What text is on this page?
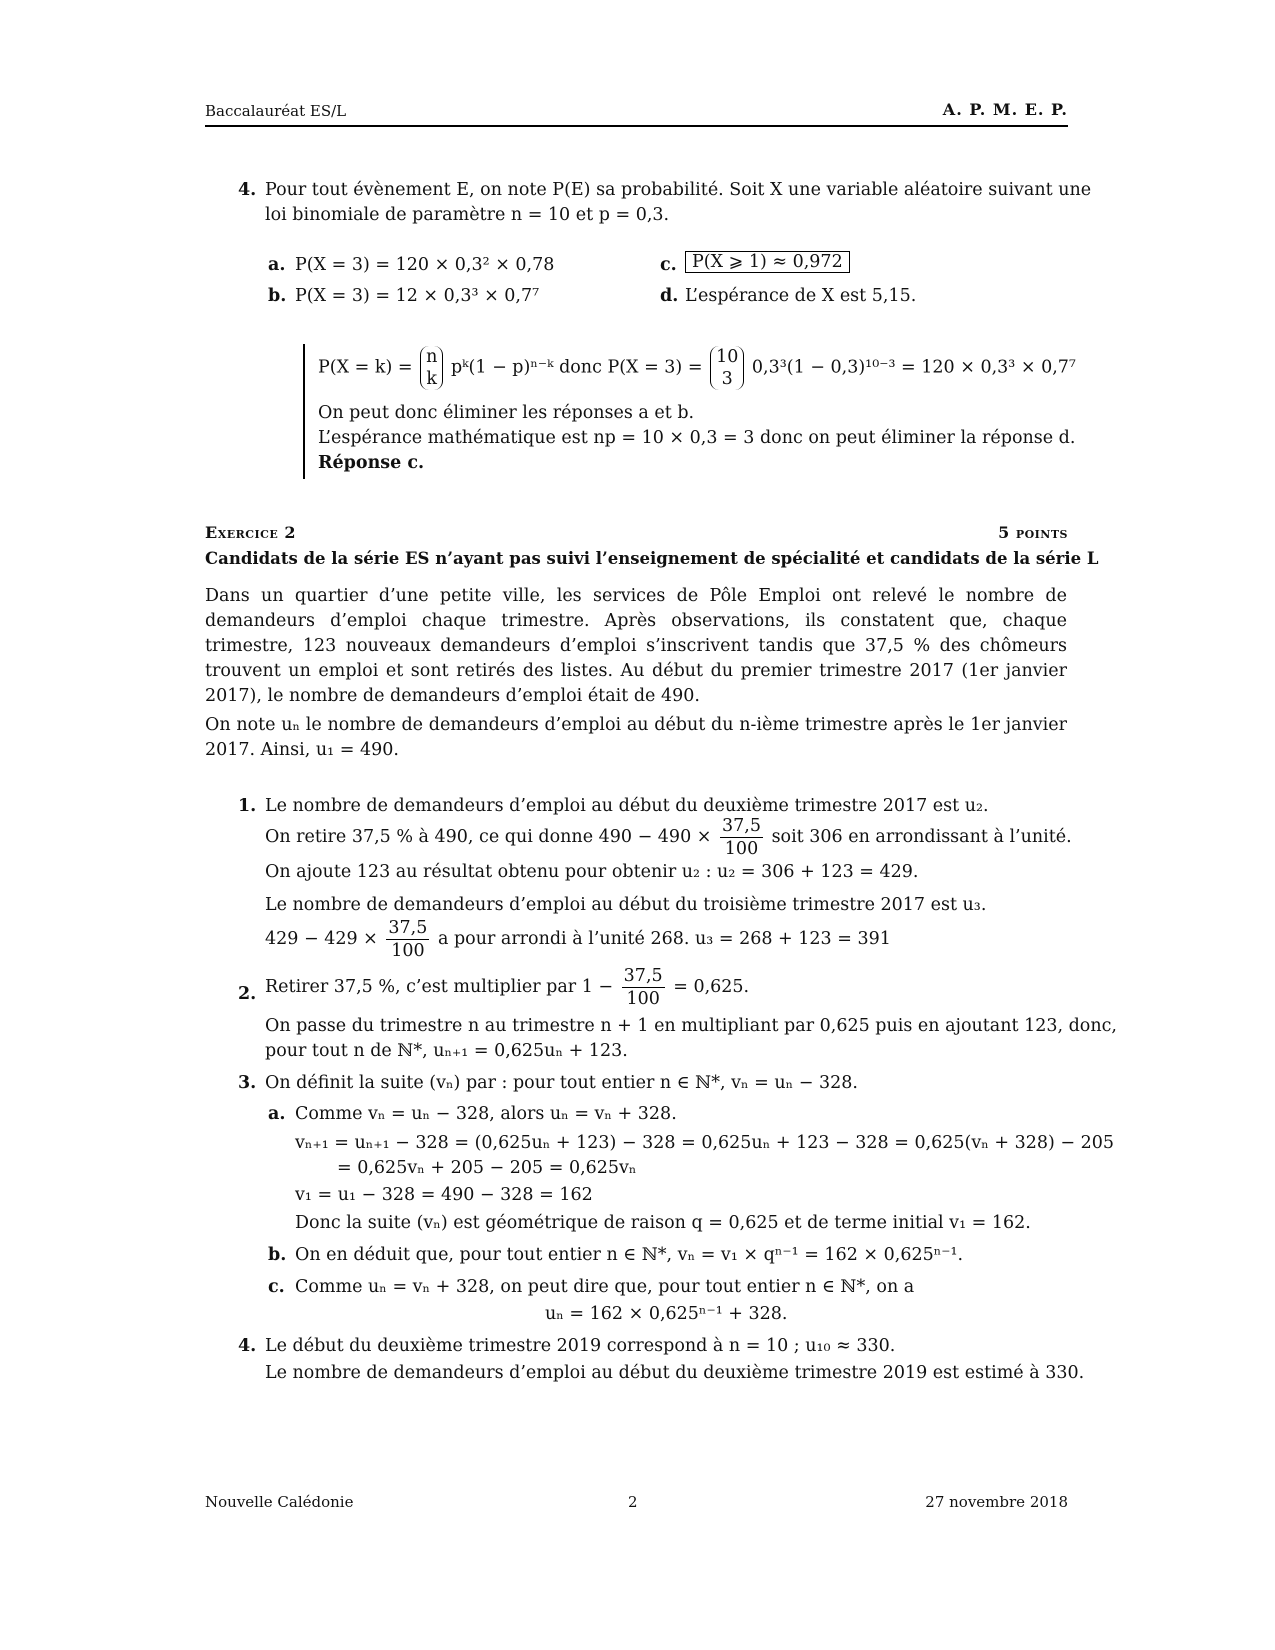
Baccalauréat ES/L	A. P. M. E. P.
4. Pour tout évènement E, on note P(E) sa probabilité. Soit X une variable aléatoire suivant une
loi binomiale de paramètre n = 10 et p = 0,3.
a. P(X = 3) = 120 × 0,3² × 0,78
b. P(X = 3) = 12 × 0,3³ × 0,7⁷
c. P(X ⩾ 1) ≈ 0,972
d. L’espérance de X est 5,15.
P(X = k) =
n
k
pᵏ(1 − p)ⁿ⁻ᵏ donc P(X = 3) =
10
3
0,3³(1 − 0,3)¹⁰⁻³ = 120 × 0,3³ × 0,7⁷
On peut donc éliminer les réponses a et b.
L’espérance mathématique est np = 10 × 0,3 = 3 donc on peut éliminer la réponse d.
Réponse c.
Exercice 2	5 points
Candidats de la série ES n’ayant pas suivi l’enseignement de spécialité et candidats de la série L
Dans un quartier d’une petite ville, les services de Pôle Emploi ont relevé le nombre de demandeurs d’emploi chaque trimestre. Après observations, ils constatent que, chaque trimestre, 123 nouveaux demandeurs d’emploi s’inscrivent tandis que 37,5 % des chômeurs trouvent un emploi et sont retirés des listes. Au début du premier trimestre 2017 (1er janvier 2017), le nombre de demandeurs d’emploi était de 490.
On note uₙ le nombre de demandeurs d’emploi au début du n-ième trimestre après le 1er janvier 2017. Ainsi, u₁ = 490.
1. Le nombre de demandeurs d’emploi au début du deuxième trimestre 2017 est u₂.
On retire 37,5 % à 490, ce qui donne $490 - 490 \times \frac{37,5}{100}$ soit 306 en arrondissant à l’unité.
On ajoute 123 au résultat obtenu pour obtenir u₂ : u₂ = 306 + 123 = 429.
Le nombre de demandeurs d’emploi au début du troisième trimestre 2017 est u₃.
$429 - 429 \times \frac{37,5}{100}$ a pour arrondi à l’unité 268. u₃ = 268 + 123 = 391
2. Retirer 37,5 %, c’est multiplier par $1 - \frac{37,5}{100} = 0,625$.
On passe du trimestre n au trimestre n + 1 en multipliant par 0,625 puis en ajoutant 123, donc,
pour tout n de ℕ*, uₙ₊₁ = 0,625uₙ + 123.
3. On définit la suite (vₙ) par : pour tout entier n ∈ ℕ*, vₙ = uₙ − 328.
a. Comme vₙ = uₙ − 328, alors uₙ = vₙ + 328.
vₙ₊₁ = uₙ₊₁ − 328 = (0,625uₙ + 123) − 328 = 0,625uₙ + 123 − 328 = 0,625(vₙ + 328) − 205
= 0,625vₙ + 205 − 205 = 0,625vₙ
v₁ = u₁ − 328 = 490 − 328 = 162
Donc la suite (vₙ) est géométrique de raison q = 0,625 et de terme initial v₁ = 162.
b. On en déduit que, pour tout entier n ∈ ℕ*, vₙ = v₁ × qⁿ⁻¹ = 162 × 0,625ⁿ⁻¹.
c. Comme uₙ = vₙ + 328, on peut dire que, pour tout entier n ∈ ℕ*, on a
uₙ = 162 × 0,625ⁿ⁻¹ + 328.
4. Le début du deuxième trimestre 2019 correspond à n = 10 ; u₁₀ ≈ 330.
Le nombre de demandeurs d’emploi au début du deuxième trimestre 2019 est estimé à 330.
Nouvelle Calédonie	2	27 novembre 2018
